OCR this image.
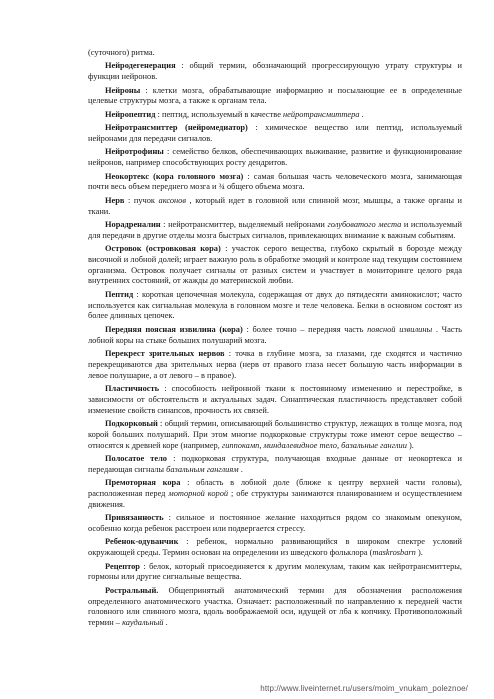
(суточного) ритма.

Нейродегенерация : общий термин, обозначающий прогрессирующую утрату структуры и функции нейронов.

Нейроны : клетки мозга, обрабатывающие информацию и посылающие ее в определенные целевые структуры мозга, а также к органам тела.

Нейропептид : пептид, используемый в качестве нейротрансмиттера .

Нейротрансмиттер (нейромедиатор) : химическое вещество или пептид, используемый нейронами для передачи сигналов.

Нейротрофины : семейство белков, обеспечивающих выживание, развитие и функционирование нейронов, например способствующих росту дендритов.

Неокортекс (кора головного мозга) : самая большая часть человеческого мозга, занимающая почти весь объем переднего мозга и ¾ общего объема мозга.

Нерв : пучок аксонов , который идет в головной или спинной мозг, мышцы, а также органы и ткани.

Норадреналин : нейротрансмиттер, выделяемый нейронами голубоватого места и используемый для передачи в другие отделы мозга быстрых сигналов, привлекающих внимание к важным событиям.

Островок (островковая кора) : участок серого вещества, глубоко скрытый в борозде между височной и лобной долей; играет важную роль в обработке эмоций и контроле над текущим состоянием организма. Островок получает сигналы от разных систем и участвует в мониторинге целого ряда внутренних состояний, от жажды до материнской любви.

Пептид : короткая цепочечная молекула, содержащая от двух до пятидесяти аминокислот; часто используется как сигнальная молекула в головном мозге и теле человека. Белки в основном состоят из более длинных цепочек.

Передняя поясная извилина (кора) : более точно – передняя часть поясной извилины . Часть лобной коры на стыке больших полушарий мозга.

Перекрест зрительных нервов : точка в глубине мозга, за глазами, где сходятся и частично перекрещиваются два зрительных нерва (нерв от правого глаза несет большую часть информации в левое полушарие, а от левого – в правое).

Пластичность : способность нейронной ткани к постоянному изменению и перестройке, в зависимости от обстоятельств и актуальных задач. Синаптическая пластичность представляет собой изменение свойств синапсов, прочность их связей.

Подкорковый : общий термин, описывающий большинство структур, лежащих в толще мозга, под корой больших полушарий. При этом многие подкорковые структуры тоже имеют серое вещество – относятся к древней коре (например, гиппокамп, миндалевидное тело, базальные ганглии ).

Полосатое тело : подкорковая структура, получающая входные данные от неокортекса и передающая сигналы базальным ганглиям .

Премоторная кора : область в лобной доле (ближе к центру верхней части головы), расположенная перед моторной корой ; обе структуры занимаются планированием и осуществлением движения.

Привязанность : сильное и постоянное желание находиться рядом со знакомым опекуном, особенно когда ребенок расстроен или подвергается стрессу.

Ребенок-одуванчик : ребенок, нормально развивающийся в широком спектре условий окружающей среды. Термин основан на определении из шведского фольклора (maskrosbarn ).

Рецептор : белок, который присоединяется к другим молекулам, таким как нейротрансмиттеры, гормоны или другие сигнальные вещества.

Ростральный. Общепринятый анатомический термин для обозначения расположения определенного анатомического участка. Означает: расположенный по направлению к передней части головного или спинного мозга, вдоль воображаемой оси, идущей от лба к копчику. Противоположный термин – каудальный .

http://www.liveinternet.ru/users/moim_vnukam_poleznoe/
